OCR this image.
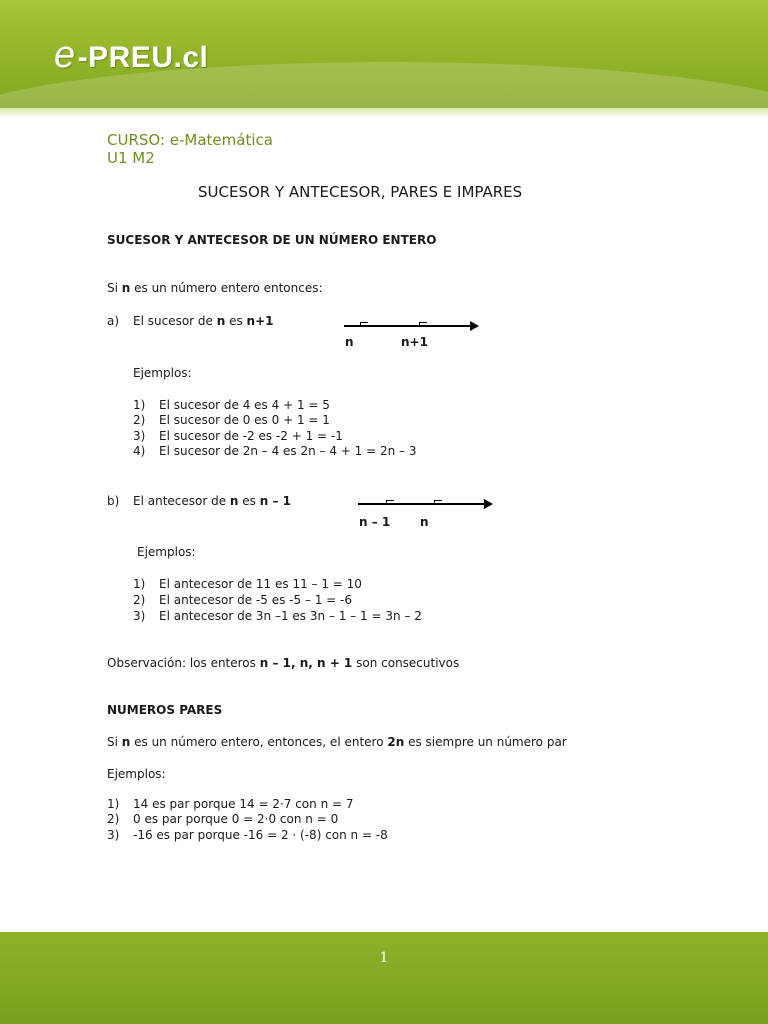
e-PREU.cl
CURSO: e-Matemática
U1 M2
SUCESOR Y ANTECESOR, PARES E IMPARES
SUCESOR Y ANTECESOR DE UN NÚMERO ENTERO
Si n es un número entero entonces:
a) El sucesor de n es n+1
n	n+1
Ejemplos:
1) El sucesor de 4 es 4 + 1 = 5
2) El sucesor de 0 es 0 + 1 = 1
3) El sucesor de -2 es -2 + 1 = -1
4) El sucesor de 2n – 4 es 2n – 4 + 1 = 2n – 3
b) El antecesor de n es n – 1
n – 1 n
Ejemplos:
1) El antecesor de 11 es 11 – 1 = 10
2) El antecesor de -5 es -5 – 1 = -6
3) El antecesor de 3n –1 es 3n – 1 – 1 = 3n – 2
Observación: los enteros n – 1, n, n + 1 son consecutivos
NUMEROS PARES
Si n es un número entero, entonces, el entero 2n es siempre un número par
Ejemplos:
1) 14 es par porque 14 = 2·7 con n = 7
2) 0 es par porque 0 = 2·0 con n = 0
3) -16 es par porque -16 = 2 · (-8) con n = -8
1
